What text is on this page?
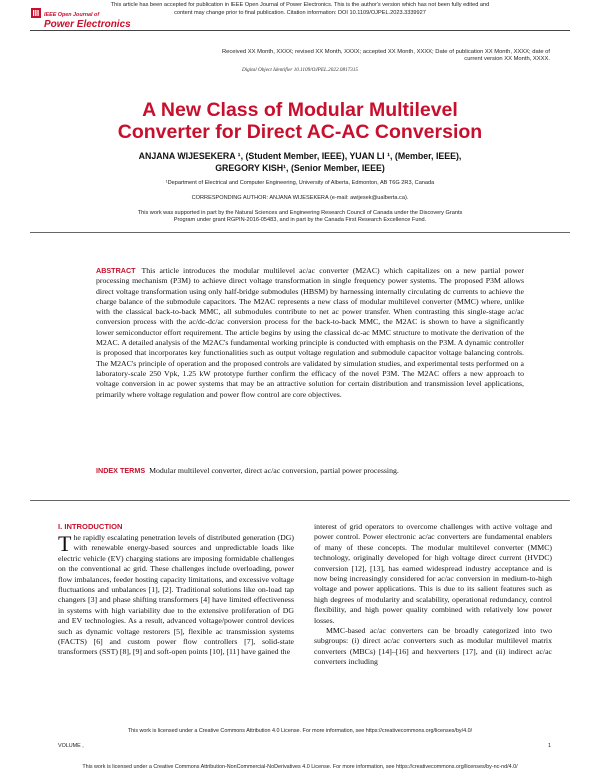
This article has been accepted for publication in IEEE Open Journal of Power Electronics. This is the author's version which has not been fully edited and
content may change prior to final publication. Citation information: DOI 10.1109/OJPEL.2023.3339927
IEEE Open Journal of
Power Electronics
Received XX Month, XXXX; revised XX Month, XXXX; accepted XX Month, XXXX; Date of publication XX Month, XXXX; date of
current version XX Month, XXXX.
Digital Object Identifier 10.1109/OJPEL.2022.0817315
A New Class of Modular Multilevel
Converter for Direct AC-AC Conversion
ANJANA WIJESEKERA ¹, (Student Member, IEEE), YUAN LI ¹, (Member, IEEE),
GREGORY KISH¹, (Senior Member, IEEE)
¹Department of Electrical and Computer Engineering, University of Alberta, Edmonton, AB T6G 2R3, Canada
CORRESPONDING AUTHOR: ANJANA WIJESEKERA (e-mail: awijesek@ualberta.ca).
This work was supported in part by the Natural Sciences and Engineering Research Council of Canada under the Discovery Grants
Program under grant RGPIN-2016-05483, and in part by the Canada First Research Excellence Fund.
ABSTRACT This article introduces the modular multilevel ac/ac converter (M2AC) which capitalizes on a new partial power processing mechanism (P3M) to achieve direct voltage transformation in single frequency power systems. The proposed P3M allows direct voltage transformation using only half-bridge submodules (HBSM) by harnessing internally circulating dc currents to achieve the charge balance of the submodule capacitors. The M2AC represents a new class of modular multilevel converter (MMC) where, unlike with the classical back-to-back MMC, all submodules contribute to net ac power transfer. When contrasting this single-stage ac/ac conversion process with the ac/dc-dc/ac conversion process for the back-to-back MMC, the M2AC is shown to have a significantly lower semiconductor effort requirement. The article begins by using the classical dc-ac MMC structure to motivate the derivation of the M2AC. A detailed analysis of the M2AC's fundamental working principle is conducted with emphasis on the P3M. A dynamic controller is proposed that incorporates key functionalities such as output voltage regulation and submodule capacitor voltage balancing controls. The M2AC's principle of operation and the proposed controls are validated by simulation studies, and experimental tests performed on a laboratory-scale 250 Vpk, 1.25 kW prototype further confirm the efficacy of the novel P3M. The M2AC offers a new approach to voltage conversion in ac power systems that may be an attractive solution for certain distribution and transmission level applications, primarily where voltage regulation and power flow control are core objectives.
INDEX TERMS Modular multilevel converter, direct ac/ac conversion, partial power processing.
I. INTRODUCTION
T he rapidly escalating penetration levels of distributed generation (DG) with renewable energy-based sources and unpredictable loads like electric vehicle (EV) charging stations are imposing formidable challenges on the conventional ac grid. These challenges include overloading, power flow imbalances, feeder hosting capacity limitations, and excessive voltage fluctuations and unbalances [1], [2]. Traditional solutions like on-load tap changers [3] and phase shifting transformers [4] have limited effectiveness in systems with high variability due to the extensive proliferation of DG and EV technologies. As a result, advanced voltage/power control devices such as dynamic voltage restorers [5], flexible ac transmission systems (FACTS) [6] and custom power flow controllers [7], solid-state transformers (SST) [8], [9] and soft-open points [10], [11] have gained the
interest of grid operators to overcome challenges with active voltage and power control. Power electronic ac/ac converters are fundamental enablers of many of these concepts. The modular multilevel converter (MMC) technology, originally developed for high voltage direct current (HVDC) conversion [12], [13], has earned widespread industry acceptance and is now being increasingly considered for ac/ac conversion in medium-to-high voltage and power applications. This is due to its salient features such as high degrees of modularity and scalability, operational redundancy, control flexibility, and high power quality combined with relatively low power losses.
MMC-based ac/ac converters can be broadly categorized into two subgroups: (i) direct ac/ac converters such as modular multilevel matrix converters (MBCs) [14]–[16] and hexverters [17], and (ii) indirect ac/ac converters including
This work is licensed under a Creative Commons Attribution 4.0 License. For more information, see https://creativecommons.org/licenses/by/4.0/
VOLUME ,	1
This work is licensed under a Creative Commons Attribution-NonCommercial-NoDerivatives 4.0 License. For more information, see https://creativecommons.org/licenses/by-nc-nd/4.0/
